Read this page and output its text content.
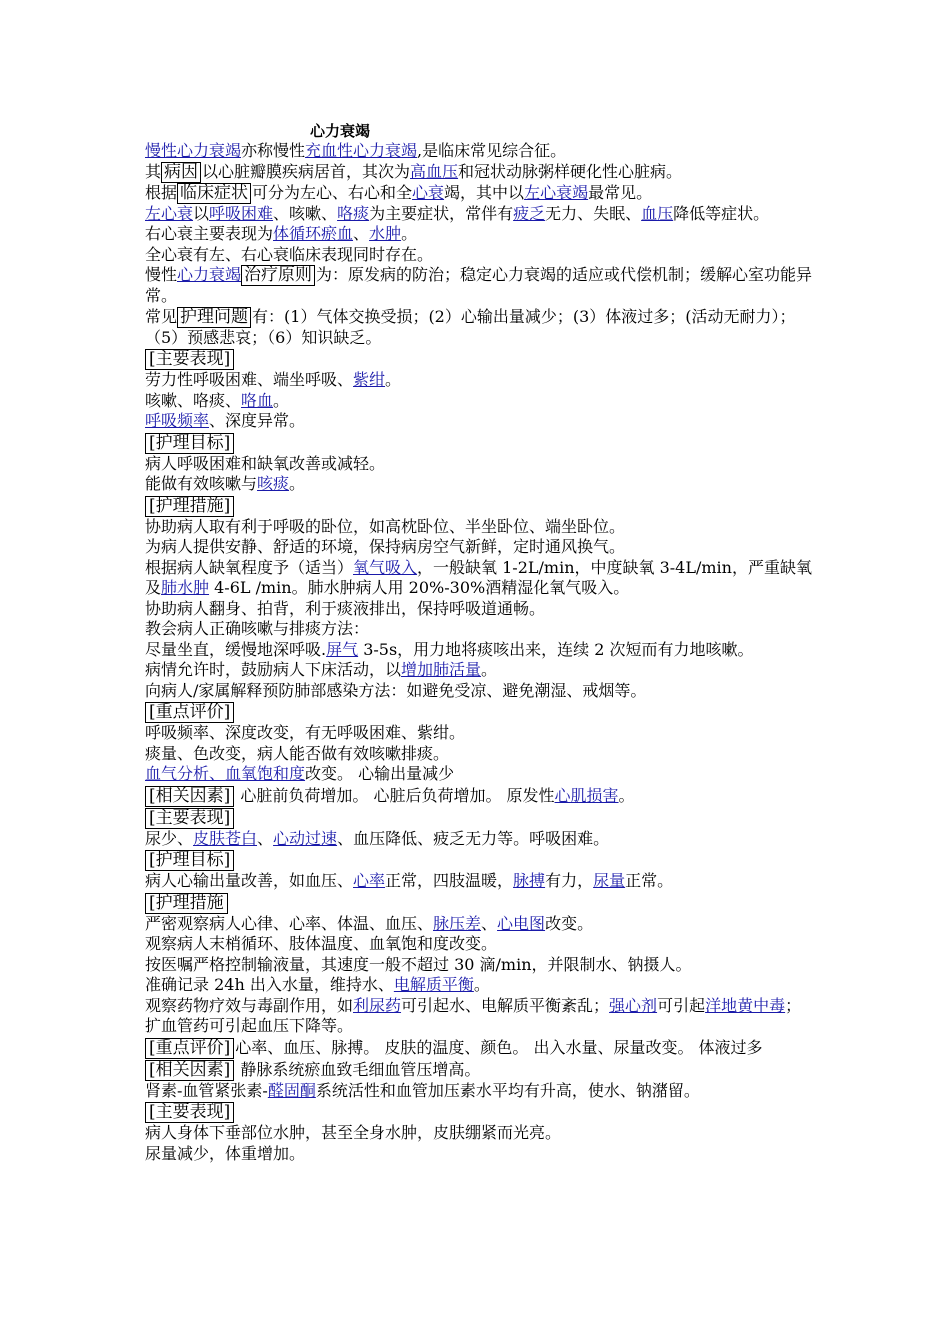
心力衰竭

慢性心力衰竭亦称慢性充血性心力衰竭,是临床常见综合征。

其 病因 以心脏瓣膜疾病居首，其次为高血压和冠状动脉粥样硬化性心脏病。

根据 临床症状 可分为左心、右心和全心衰竭，其中以左心衰竭最常见。

左心衰以呼吸困难、咳嗽、咯痰为主要症状，常伴有疲乏无力、失眠、血压降低等症状。

右心衰主要表现为体循环瘀血、水肿。

全心衰有左、右心衰临床表现同时存在。

慢性心力衰竭 治疗原则 为：原发病的防治；稳定心力衰竭的适应或代偿机制；缓解心室功能异常。

常见 护理问题 有：(1）气体交换受损；(2）心输出量减少；(3）体液过多；(活动无耐力）；（5）预感悲哀；（6）知识缺乏。

[主要表现]

劳力性呼吸困难、端坐呼吸、紫绀。

咳嗽、咯痰、咯血。

呼吸频率、深度异常。

[护理目标]

病人呼吸困难和缺氧改善或减轻。

能做有效咳嗽与咳痰。

[护理措施]

协助病人取有利于呼吸的卧位，如高枕卧位、半坐卧位、端坐卧位。

为病人提供安静、舒适的环境，保持病房空气新鲜，定时通风换气。

根据病人缺氧程度予（适当）氧气吸入，一般缺氧 1-2L/min，中度缺氧 3-4L/min，严重缺氧及肺水肿 4-6L /min。肺水肿病人用 20%-30%酒精湿化氧气吸入。

协助病人翻身、拍背，利于痰液排出，保持呼吸道通畅。

教会病人正确咳嗽与排痰方法：

尽量坐直，缓慢地深呼吸.屏气 3-5s，用力地将痰咳出来，连续 2 次短而有力地咳嗽。

病情允许时，鼓励病人下床活动，以增加肺活量。

向病人/家属解释预防肺部感染方法：如避免受凉、避免潮湿、戒烟等。

[重点评价]

呼吸频率、深度改变，有无呼吸困难、紫绀。

痰量、色改变，病人能否做有效咳嗽排痰。

血气分析、血氧饱和度改变。 心输出量减少

[相关因素] 心脏前负荷增加。 心脏后负荷增加。 原发性心肌损害。

[主要表现]

尿少、皮肤苍白、心动过速、血压降低、疲乏无力等。呼吸困难。

[护理目标]

病人心输出量改善，如血压、心率正常，四肢温暖，脉搏有力，尿量正常。

[护理措施

严密观察病人心律、心率、体温、血压、脉压差、心电图改变。

观察病人末梢循环、肢体温度、血氧饱和度改变。

按医嘱严格控制输液量，其速度一般不超过 30 滴/min，并限制水、钠摄人。

准确记录 24h 出入水量，维持水、电解质平衡。

观察药物疗效与毒副作用，如利尿药可引起水、电解质平衡紊乱；强心剂可引起洋地黄中毒；扩血管药可引起血压下降等。

[重点评价] 心率、血压、脉搏。 皮肤的温度、颜色。 出入水量、尿量改变。 体液过多

[相关因素] 静脉系统瘀血致毛细血管压增高。

肾素-血管紧张素-醛固酮系统活性和血管加压素水平均有升高，使水、钠潴留。

[主要表现]

病人身体下垂部位水肿，甚至全身水肿，皮肤绷紧而光亮。

尿量减少，体重增加。
